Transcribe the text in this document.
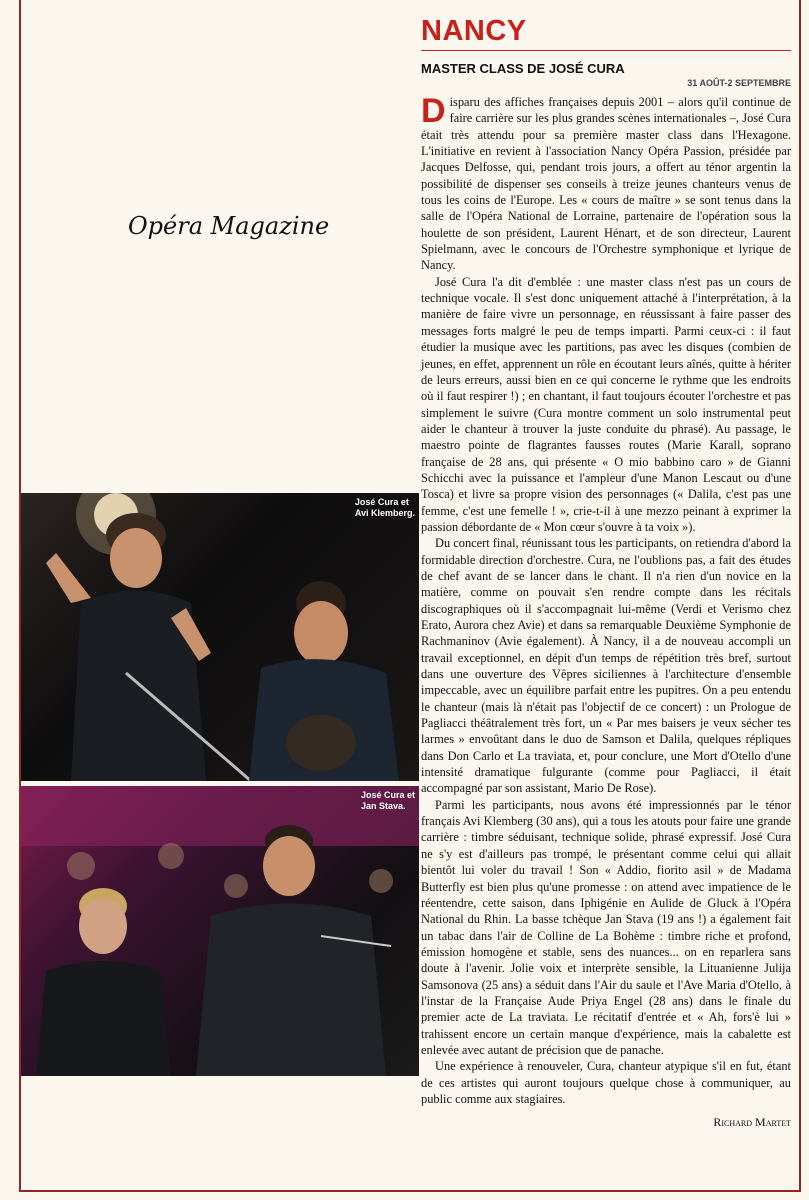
Opéra Magazine
José Cura et
Avi Klemberg.
José Cura et
Jan Stava.
NANCY
MASTER CLASS DE JOSÉ CURA
31 AOÛT-2 SEPTEMBRE

Disparu des affiches françaises depuis 2001 – alors qu'il continue de faire carrière sur les plus grandes scènes internationales –, José Cura était très attendu pour sa première master class dans l'Hexagone. L'initiative en revient à l'association Nancy Opéra Passion, présidée par Jacques Delfosse, qui, pendant trois jours, a offert au ténor argentin la possibilité de dispenser ses conseils à treize jeunes chanteurs venus de tous les coins de l'Europe. Les « cours de maître » se sont tenus dans la salle de l'Opéra National de Lorraine, partenaire de l'opération sous la houlette de son président, Laurent Hénart, et de son directeur, Laurent Spielmann, avec le concours de l'Orchestre symphonique et lyrique de Nancy.

José Cura l'a dit d'emblée : une master class n'est pas un cours de technique vocale. Il s'est donc uniquement attaché à l'interprétation, à la manière de faire vivre un personnage, en réussissant à faire passer des messages forts malgré le peu de temps imparti. Parmi ceux-ci : il faut étudier la musique avec les partitions, pas avec les disques (combien de jeunes, en effet, apprennent un rôle en écoutant leurs aînés, quitte à hériter de leurs erreurs, aussi bien en ce qui concerne le rythme que les endroits où il faut respirer !) ; en chantant, il faut toujours écouter l'orchestre et pas simplement le suivre (Cura montre comment un solo instrumental peut aider le chanteur à trouver la juste conduite du phrasé). Au passage, le maestro pointe de flagrantes fausses routes (Marie Karall, soprano française de 28 ans, qui présente « O mio babbino caro » de Gianni Schicchi avec la puissance et l'ampleur d'une Manon Lescaut ou d'une Tosca) et livre sa propre vision des personnages (« Dalila, c'est pas une femme, c'est une femelle ! », crie-t-il à une mezzo peinant à exprimer la passion débordante de « Mon cœur s'ouvre à ta voix »).

Du concert final, réunissant tous les participants, on retiendra d'abord la formidable direction d'orchestre. Cura, ne l'oublions pas, a fait des études de chef avant de se lancer dans le chant. Il n'a rien d'un novice en la matière, comme on pouvait s'en rendre compte dans les récitals discographiques où il s'accompagnait lui-même (Verdi et Verismo chez Erato, Aurora chez Avie) et dans sa remarquable Deuxième Symphonie de Rachmaninov (Avie également). À Nancy, il a de nouveau accompli un travail exceptionnel, en dépit d'un temps de répétition très bref, surtout dans une ouverture des Vêpres siciliennes à l'architecture d'ensemble impeccable, avec un équilibre parfait entre les pupitres. On a peu entendu le chanteur (mais là n'était pas l'objectif de ce concert) : un Prologue de Pagliacci théâtralement très fort, un « Par mes baisers je veux sécher tes larmes » envoûtant dans le duo de Samson et Dalila, quelques répliques dans Don Carlo et La traviata, et, pour conclure, une Mort d'Otello d'une intensité dramatique fulgurante (comme pour Pagliacci, il était accompagné par son assistant, Mario De Rose).

Parmi les participants, nous avons été impressionnés par le ténor français Avi Klemberg (30 ans), qui a tous les atouts pour faire une grande carrière : timbre séduisant, technique solide, phrasé expressif. José Cura ne s'y est d'ailleurs pas trompé, le présentant comme celui qui allait bientôt lui voler du travail ! Son « Addio, fiorito asil » de Madama Butterfly est bien plus qu'une promesse : on attend avec impatience de le réentendre, cette saison, dans Iphigénie en Aulide de Gluck à l'Opéra National du Rhin. La basse tchèque Jan Stava (19 ans !) a également fait un tabac dans l'air de Colline de La Bohème : timbre riche et profond, émission homogène et stable, sens des nuances... on en reparlera sans doute à l'avenir. Jolie voix et interprète sensible, la Lituanienne Julija Samsonova (25 ans) a séduit dans l'Air du saule et l'Ave Maria d'Otello, à l'instar de la Française Aude Priya Engel (28 ans) dans le finale du premier acte de La traviata. Le récitatif d'entrée et « Ah, fors'è lui » trahissent encore un certain manque d'expérience, mais la cabalette est enlevée avec autant de précision que de panache.

Une expérience à renouveler, Cura, chanteur atypique s'il en fut, étant de ces artistes qui auront toujours quelque chose à communiquer, au public comme aux stagiaires.

Richard Martet
